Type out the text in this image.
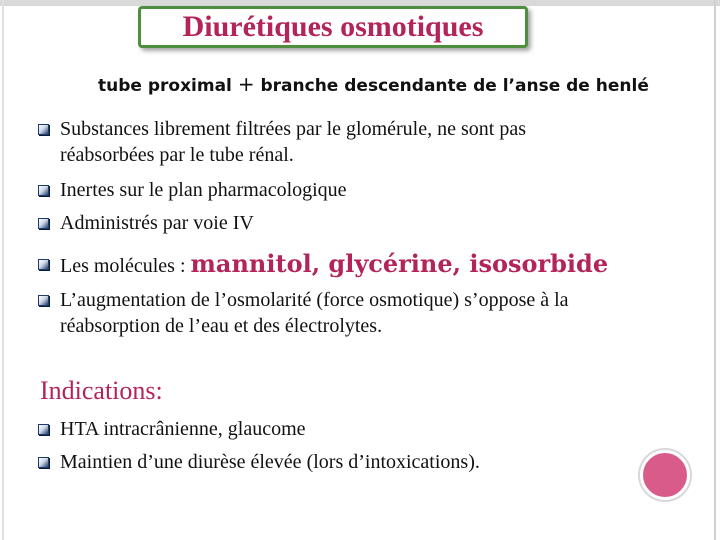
Diurétiques osmotiques
tube proximal + branche descendante de l’anse de henlé
Substances librement filtrées par le glomérule, ne sont pas
réabsorbées par le tube rénal.
Inertes sur le plan pharmacologique
Administrés par voie IV
Les molécules : mannitol, glycérine, isosorbide
L’augmentation de l’osmolarité (force osmotique) s’oppose à la
réabsorption de l’eau et des électrolytes.
Indications:
HTA intracrânienne, glaucome
Maintien d’une diurèse élevée (lors d’intoxications).
